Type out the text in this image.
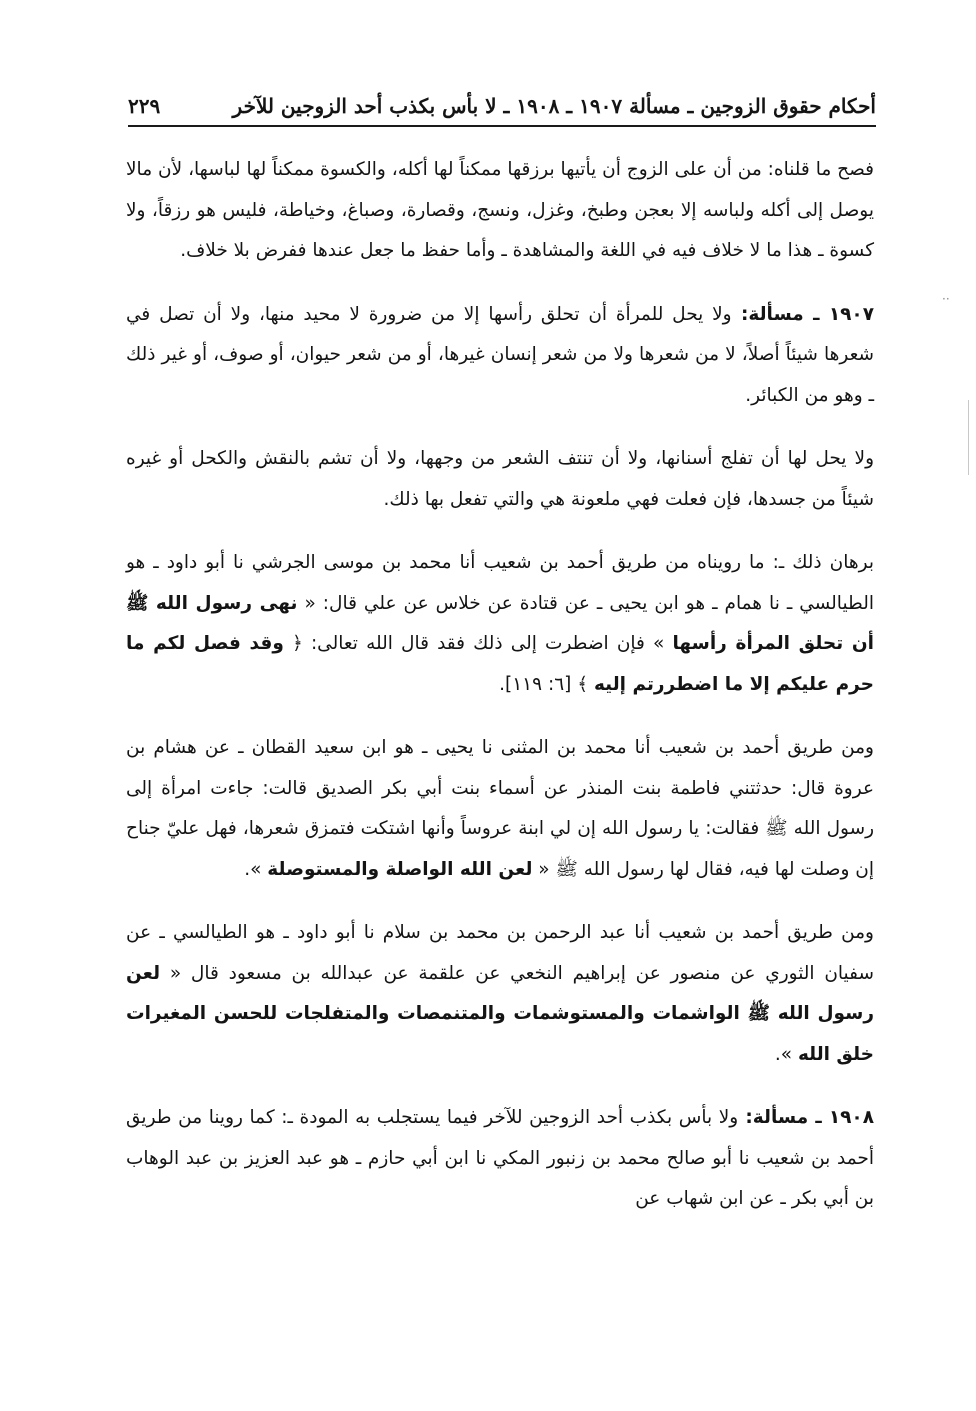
أحكام حقوق الزوجين ـ مسألة ١٩٠٧ ـ ١٩٠٨ ـ لا بأس بكذب أحد الزوجين للآخر
٢٢٩

فصح ما قلناه: من أن على الزوج أن يأتيها برزقها ممكناً لها أكله، والكسوة ممكناً لها لباسها، لأن مالا يوصل إلى أكله ولباسه إلا بعجن وطبخ، وغزل، ونسج، وقصارة، وصباغ، وخياطة، فليس هو رزقاً، ولا كسوة ـ هذا ما لا خلاف فيه في اللغة والمشاهدة ـ وأما حفظ ما جعل عندها ففرض بلا خلاف.

١٩٠٧ ـ مسألة: ولا يحل للمرأة أن تحلق رأسها إلا من ضرورة لا محيد منها، ولا أن تصل في شعرها شيئاً أصلاً، لا من شعرها ولا من شعر إنسان غيرها، أو من شعر حيوان، أو صوف، أو غير ذلك ـ وهو من الكبائر.

ولا يحل لها أن تفلج أسنانها، ولا أن تنتف الشعر من وجهها، ولا أن تشم بالنقش والكحل أو غيره شيئاً من جسدها، فإن فعلت فهي ملعونة هي والتي تفعل بها ذلك.

برهان ذلك ـ: ما رويناه من طريق أحمد بن شعيب أنا محمد بن موسى الجرشي نا أبو داود ـ هو الطيالسي ـ نا همام ـ هو ابن يحيى ـ عن قتادة عن خلاس عن علي قال: « نهى رسول الله ﷺ أن تحلق المرأة رأسها » فإن اضطرت إلى ذلك فقد قال الله تعالى: ﴿ وقد فصل لكم ما حرم عليكم إلا ما اضطررتم إليه ﴾ [٦: ١١٩].

ومن طريق أحمد بن شعيب أنا محمد بن المثنى نا يحيى ـ هو ابن سعيد القطان ـ عن هشام بن عروة قال: حدثتني فاطمة بنت المنذر عن أسماء بنت أبي بكر الصديق قالت: جاءت امرأة إلى رسول الله ﷺ فقالت: يا رسول الله إن لي ابنة عروساً وأنها اشتكت فتمزق شعرها، فهل عليّ جناح إن وصلت لها فيه، فقال لها رسول الله ﷺ « لعن الله الواصلة والمستوصلة ».

ومن طريق أحمد بن شعيب أنا عبد الرحمن بن محمد بن سلام نا أبو داود ـ هو الطيالسي ـ عن سفيان الثوري عن منصور عن إبراهيم النخعي عن علقمة عن عبدالله بن مسعود قال « لعن رسول الله ﷺ الواشمات والمستوشمات والمتنمصات والمتفلجات للحسن المغيرات خلق الله ».

١٩٠٨ ـ مسألة: ولا بأس بكذب أحد الزوجين للآخر فيما يستجلب به المودة ـ: كما روينا من طريق أحمد بن شعيب نا أبو صالح محمد بن زنبور المكي نا ابن أبي حازم ـ هو عبد العزيز بن عبد الوهاب بن أبي بكر ـ عن ابن شهاب عن

··
